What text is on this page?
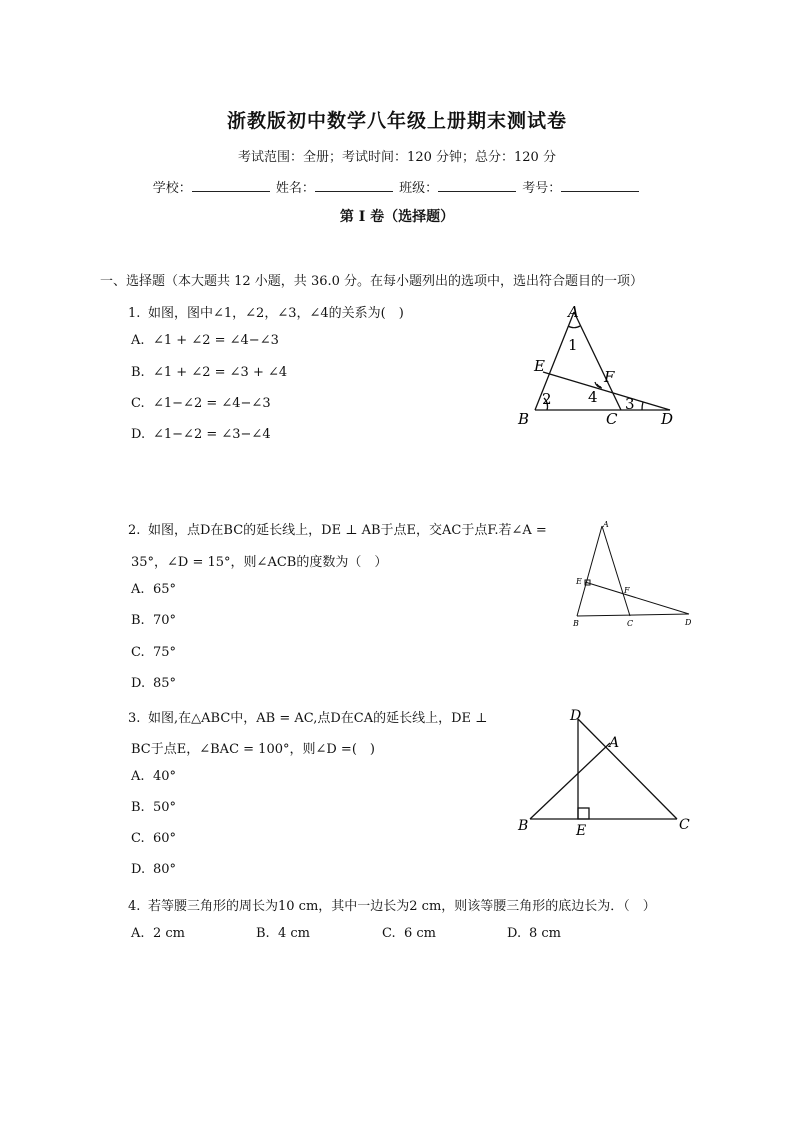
浙教版初中数学八年级上册期末测试卷
考试范围：全册；考试时间：120 分钟；总分：120 分
学校：	姓名：	班级：	考号：
第 I 卷（选择题）
一、选择题（本大题共 12 小题，共 36.0 分。在每小题列出的选项中，选出符合题目的一项）
1. 如图，图中∠1，∠2，∠3，∠4的关系为(　)
A. ∠1 + ∠2 = ∠4−∠3
B. ∠1 + ∠2 = ∠3 + ∠4
C. ∠1−∠2 = ∠4−∠3
D. ∠1−∠2 = ∠3−∠4
A
B	C	D
E
F
1
2	3
4
2. 如图，点D在BC的延长线上，DE ⊥ AB于点E，交AC于点F.若∠A =
35°，∠D = 15°，则∠ACB的度数为（　）
A. 65°
B. 70°
C. 75°
D. 85°
A
B	C	D
E
F
3. 如图,在△ABC中，AB = AC,点D在CA的延长线上，DE ⊥
BC于点E，∠BAC = 100°，则∠D =(　)
A. 40°
B. 50°
C. 60°
D. 80°
D
A
B	E	C
4. 若等腰三角形的周长为10 cm，其中一边长为2 cm，则该等腰三角形的底边长为．（　）
A. 2 cm	B. 4 cm	C. 6 cm	D. 8 cm
